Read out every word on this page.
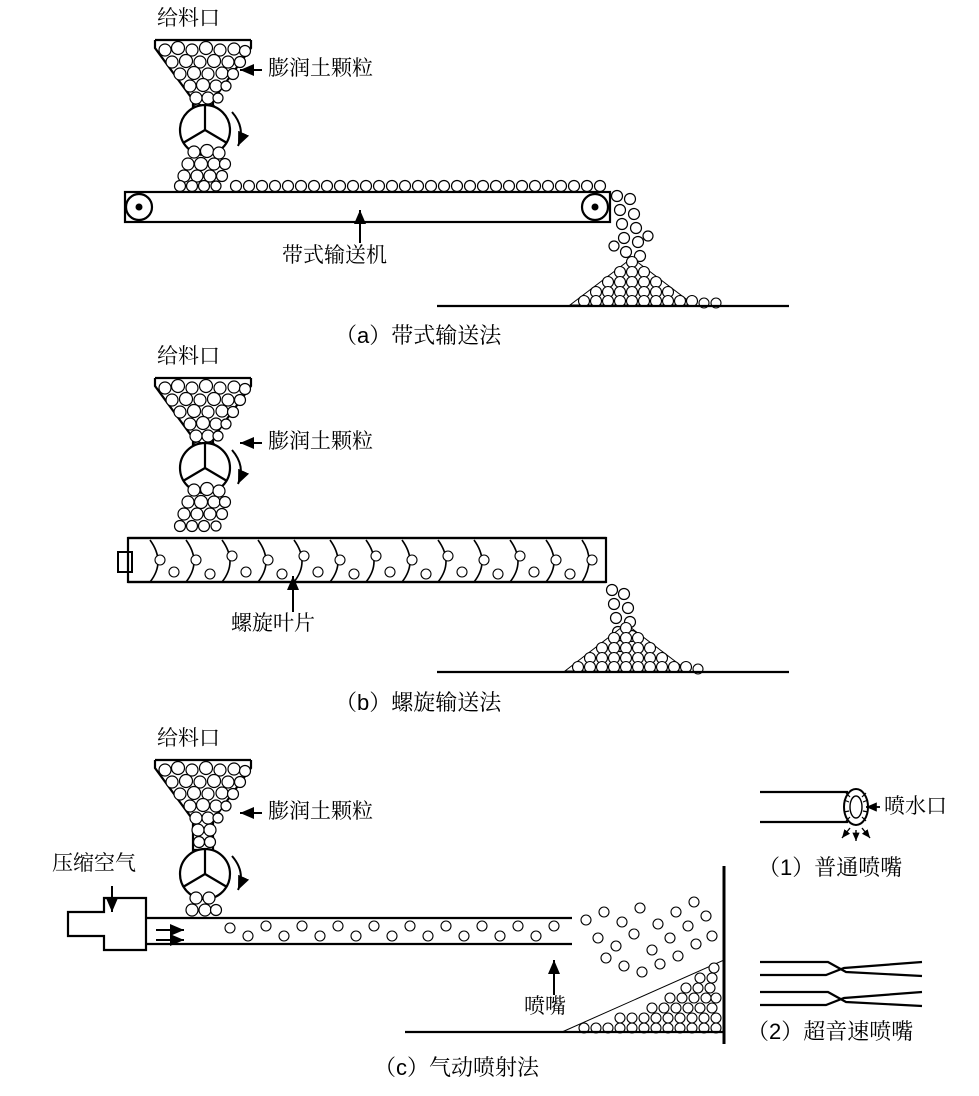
给料口
膨润土颗粒
带式输送机
（a）带式输送法
给料口
膨润土颗粒
螺旋叶片
（b）螺旋输送法
给料口
膨润土颗粒
压缩空气
喷嘴
（c）气动喷射法
喷水口
（1）普通喷嘴
（2）超音速喷嘴
